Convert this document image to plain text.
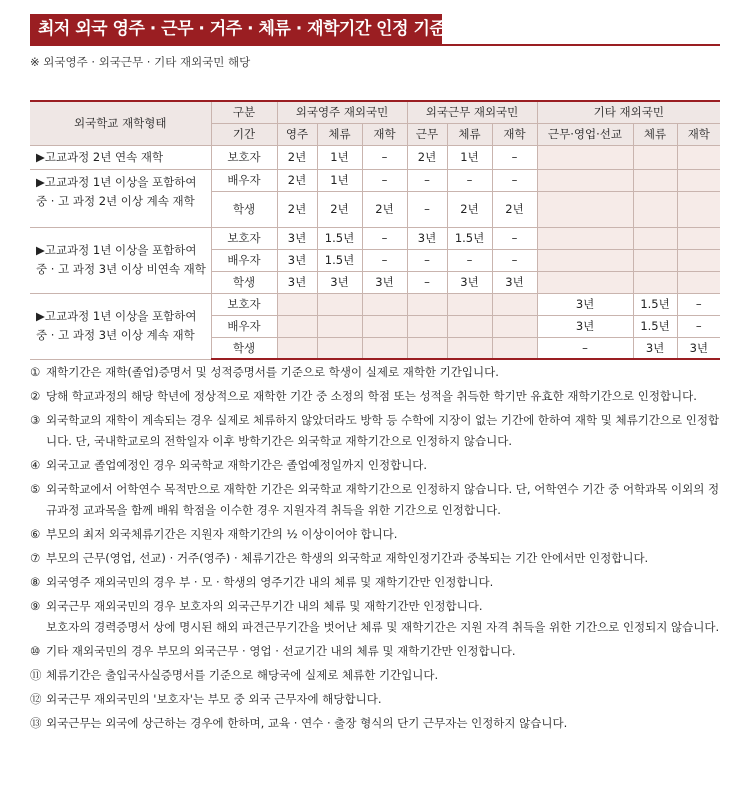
최저 외국 영주 · 근무 · 거주 · 체류 · 재학기간 인정 기준
※ 외국영주 · 외국근무 · 기타 재외국민 해당
외국학교 재학형태	구분	외국영주 재외국민			외국근무 재외국민			기타 재외국민		
	기간	영주	체류	재학	근무	체류	재학	근무·영업·선교	체류	재학
▶고교과정 2년 연속 재학	보호자	2년	1년	–	2년	1년	–			
▶고교과정 1년 이상을 포함하여 중 · 고 과정 2년 이상 계속 재학	배우자	2년	1년	–	–	–	–			
	학생	2년	2년	2년	–	2년	2년			
▶고교과정 1년 이상을 포함하여 중 · 고 과정 3년 이상 비연속 재학	보호자	3년	1.5년	–	3년	1.5년	–			
	배우자	3년	1.5년	–	–	–	–			
	학생	3년	3년	3년	–	3년	3년			
▶고교과정 1년 이상을 포함하여 중 · 고 과정 3년 이상 계속 재학	보호자							3년	1.5년	–
	배우자							3년	1.5년	–
	학생							–	3년	3년
① 재학기간은 재학(졸업)증명서 및 성적증명서를 기준으로 학생이 실제로 재학한 기간입니다.
② 당해 학교과정의 해당 학년에 정상적으로 재학한 기간 중 소정의 학점 또는 성적을 취득한 학기만 유효한 재학기간으로 인정합니다.
③ 외국학교의 재학이 계속되는 경우 실제로 체류하지 않았더라도 방학 등 수학에 지장이 없는 기간에 한하여 재학 및 체류기간으로 인정합니다. 단, 국내학교로의 전학일자 이후 방학기간은 외국학교 재학기간으로 인정하지 않습니다.
④ 외국고교 졸업예정인 경우 외국학교 재학기간은 졸업예정일까지 인정합니다.
⑤ 외국학교에서 어학연수 목적만으로 재학한 기간은 외국학교 재학기간으로 인정하지 않습니다. 단, 어학연수 기간 중 어학과목 이외의 정규과정 교과목을 함께 배워 학점을 이수한 경우 지원자격 취득을 위한 기간으로 인정합니다.
⑥ 부모의 최저 외국체류기간은 지원자 재학기간의 ½ 이상이어야 합니다.
⑦ 부모의 근무(영업, 선교) · 거주(영주) · 체류기간은 학생의 외국학교 재학인정기간과 중복되는 기간 안에서만 인정합니다.
⑧ 외국영주 재외국민의 경우 부 · 모 · 학생의 영주기간 내의 체류 및 재학기간만 인정합니다.
⑨ 외국근무 재외국민의 경우 보호자의 외국근무기간 내의 체류 및 재학기간만 인정합니다.
보호자의 경력증명서 상에 명시된 해외 파견근무기간을 벗어난 체류 및 재학기간은 지원 자격 취득을 위한 기간으로 인정되지 않습니다.
⑩ 기타 재외국민의 경우 부모의 외국근무 · 영업 · 선교기간 내의 체류 및 재학기간만 인정합니다.
⑪ 체류기간은 출입국사실증명서를 기준으로 해당국에 실제로 체류한 기간입니다.
⑫ 외국근무 재외국민의 '보호자'는 부모 중 외국 근무자에 해당합니다.
⑬ 외국근무는 외국에 상근하는 경우에 한하며, 교육 · 연수 · 출장 형식의 단기 근무자는 인정하지 않습니다.
